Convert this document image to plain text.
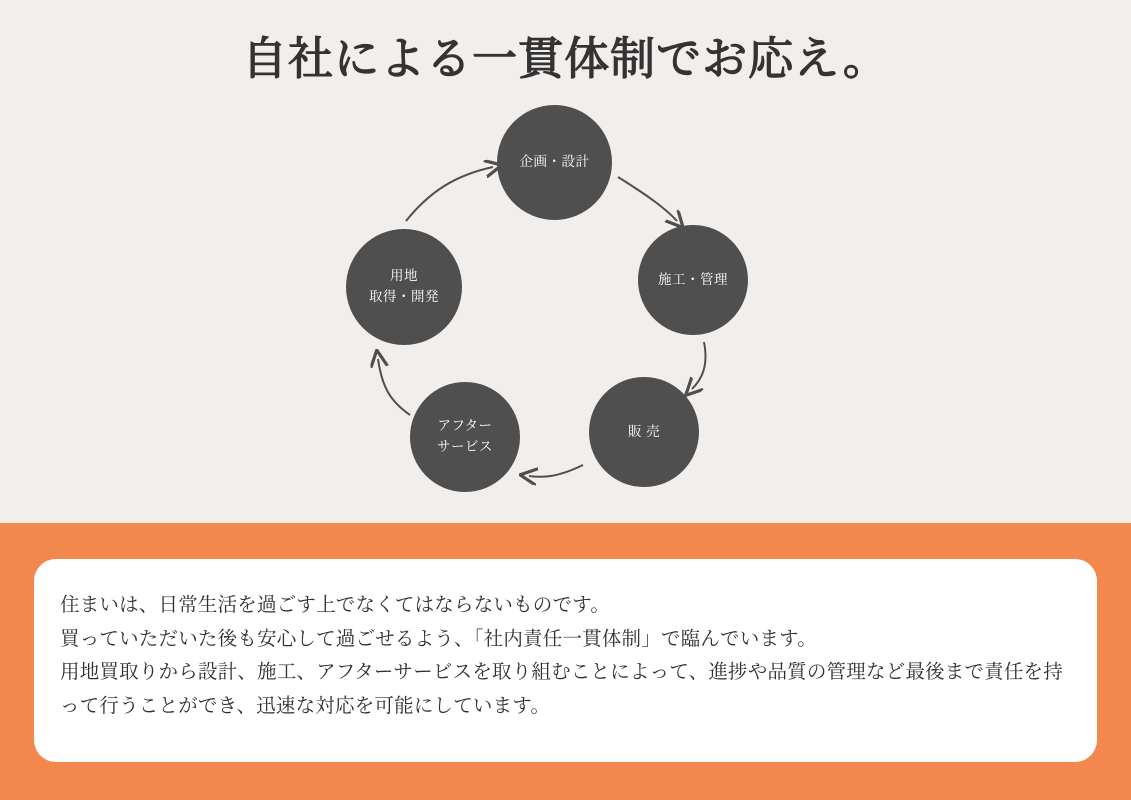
自社による一貫体制でお応え。
企画・設計
施工・管理
販 売
アフター
サービス
用地
取得・開発

住まいは、日常生活を過ごす上でなくてはならないものです。

買っていただいた後も安心して過ごせるよう、「社内責任一貫体制」で臨んでいます。

用地買取りから設計、施工、アフターサービスを取り組むことによって、進捗や品質の管理など最後まで責任を持って行うことができ、迅速な対応を可能にしています。
